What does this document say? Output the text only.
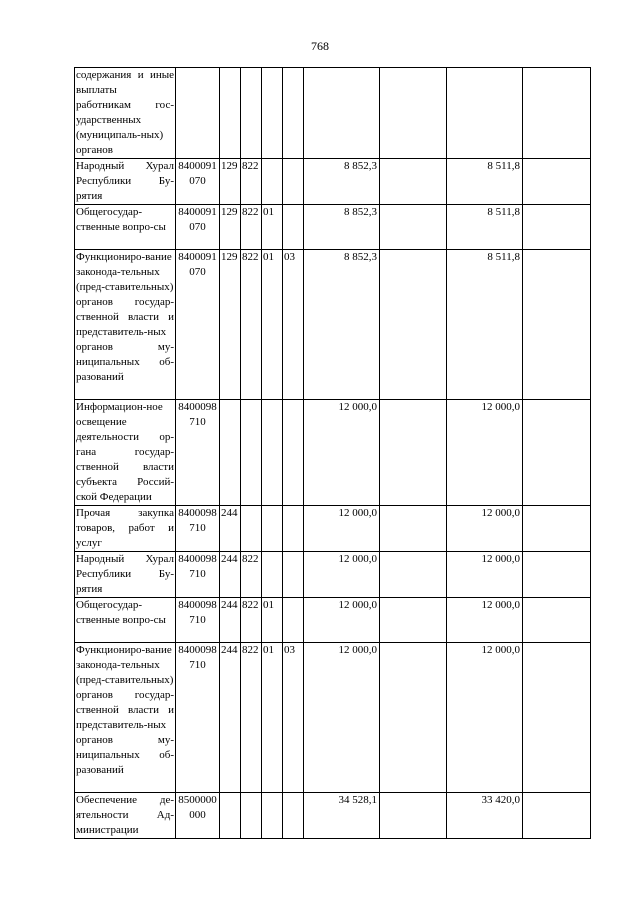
768
содержания и иные выплаты работникам гос-ударственных (муниципаль-ных) органов									
Народный Хурал Республики Бу-рятия	8400091070	129	822			8 852,3		8 511,8	
Общегосудар-ственные вопро-сы	8400091070	129	822	01		8 852,3		8 511,8	
Функциониро-вание законода-тельных (пред-ставительных) органов государ-ственной власти и представитель-ных органов му-ниципальных об-разований	8400091070	129	822	01	03	8 852,3		8 511,8	
Информацион-ное освещение деятельности ор-гана государ-ственной власти субъекта Россий-ской Федерации	8400098710					12 000,0		12 000,0	
Прочая закупка товаров, работ и услуг	8400098710	244				12 000,0		12 000,0	
Народный Хурал Республики Бу-рятия	8400098710	244	822			12 000,0		12 000,0	
Общегосудар-ственные вопро-сы	8400098710	244	822	01		12 000,0		12 000,0	
Функциониро-вание законода-тельных (пред-ставительных) органов государ-ственной власти и представитель-ных органов му-ниципальных об-разований	8400098710	244	822	01	03	12 000,0		12 000,0	
Обеспечение де-ятельности Ад-министрации	8500000000					34 528,1		33 420,0	
